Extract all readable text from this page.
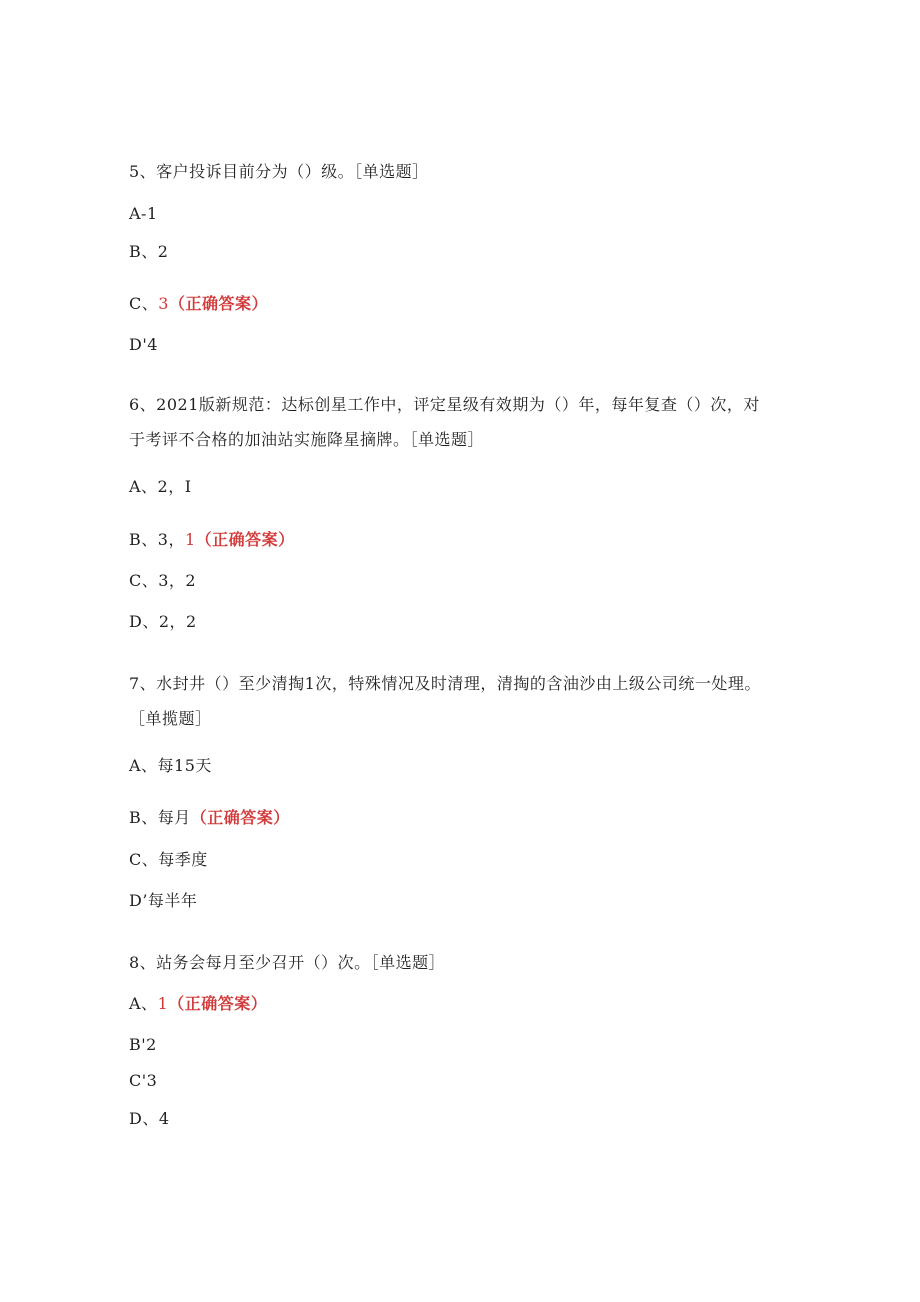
5、客户投诉目前分为（）级。［单选题］
A-1
B、2
C、3（正确答案）
D'4
6、2021版新规范：达标创星工作中，评定星级有效期为（）年，每年复查（）次，对
于考评不合格的加油站实施降星摘牌。［单选题］
A、2，I
B、3，1（正确答案）
C、3，2
D、2，2
7、水封井（）至少清掏1次，特殊情况及时清理，清掏的含油沙由上级公司统一处理。
［单揽题］
A、每15天
B、每月（正确答案）
C、每季度
D’每半年
8、站务会每月至少召开（）次。［单选题］
A、1（正确答案）
B'2
C'3
D、4
